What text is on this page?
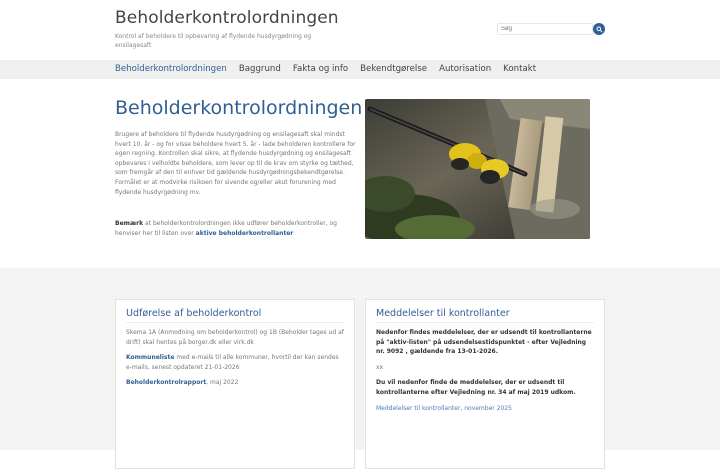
Beholderkontrolordningen
Kontrol af beholdere til opbevaring af flydende husdyrgødning og ensilagesaft
Søg
Beholderkontrolordningen Baggrund Fakta og info Bekendtgørelse Autorisation Kontakt
Beholderkontrolordningen
Brugere af beholdere til flydende husdyrgødning og ensilagesaft skal mindst hvert 10. år - og for visse beholdere hvert 5. år - lade beholderen kontrollere for egen regning. Kontrollen skal sikre, at flydende husdyrgødning og ensilagesaft opbevares i velholdte beholdere, som lever op til de krav om styrke og tæthed, som fremgår af den til enhver tid gældende husdyrgødningsbekendtgørelse. Formålet er at modvirke risikoen for sivende og/eller akut forurening med flydende husdyrgødning mv.
Bemærk at beholderkontrolordningen ikke udfører beholderkontroller, og henviser her til listen over aktive beholderkontrollanter
Udførelse af beholderkontrol

Skema 1A (Anmodning om beholderkontrol) og 1B (Beholder tages ud af drift) skal hentes på borger.dk eller virk.dk

Kommuneliste med e-mails til alle kommuner, hvortil der kan sendes e-mails, senest opdateret 21-01-2026

Beholderkontrolrapport, maj 2022

Meddelelser til kontrollanter

Nedenfor findes meddelelser, der er udsendt til kontrollanterne på "aktiv-listen" på udsendelsestidspunktet - efter Vejledning nr. 9092 , gældende fra 13-01-2026.

xx

Du vil nedenfor finde de meddelelser, der er udsendt til kontrollanterne efter Vejledning nr. 34 af maj 2019 udkom.

Meddelelser til kontrollanter, november 2025
